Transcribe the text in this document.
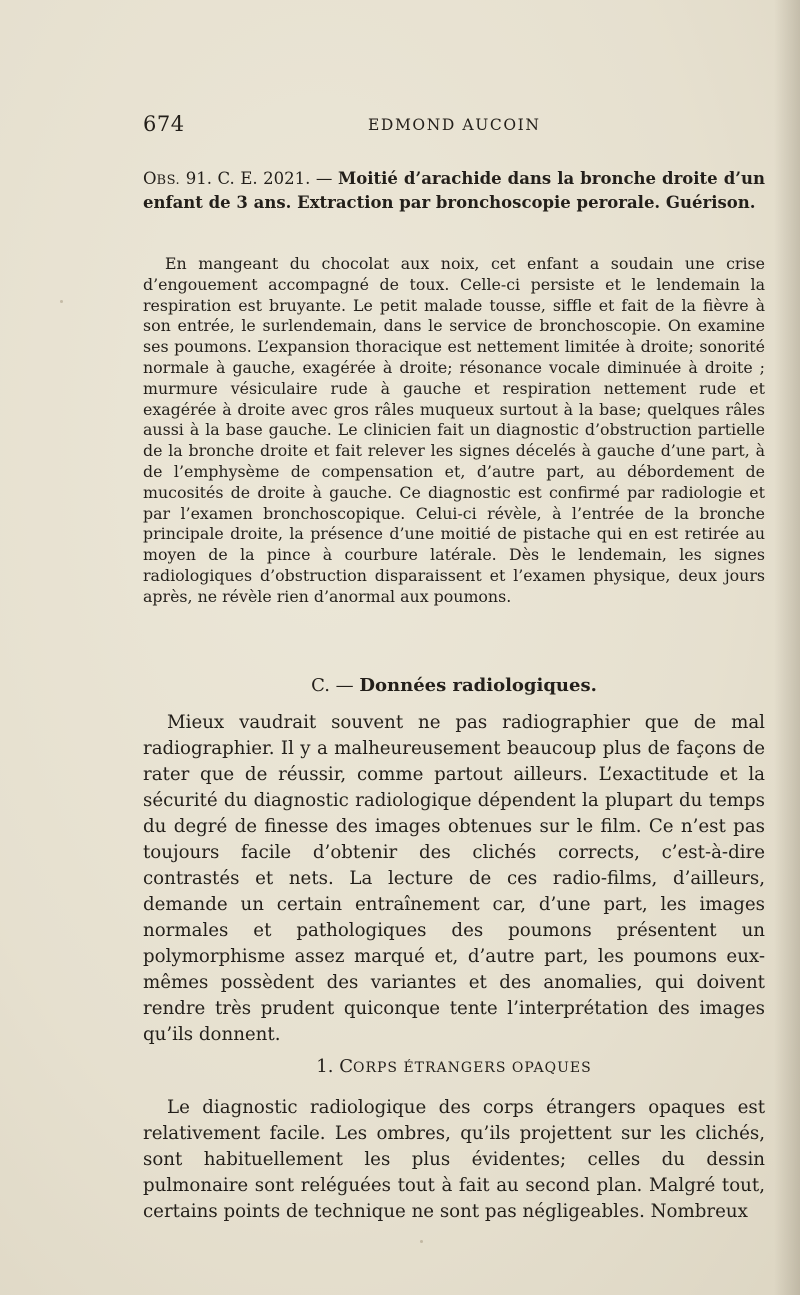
674	EDMOND AUCOIN
OBS. 91. C. E. 2021. — Moitié d’arachide dans la bronche droite d’un enfant de 3 ans. Extraction par bronchoscopie perorale. Guérison.

En mangeant du chocolat aux noix, cet enfant a soudain une crise d’engouement accompagné de toux. Celle-ci persiste et le lendemain la respiration est bruyante. Le petit malade tousse, siffle et fait de la fièvre à son entrée, le surlendemain, dans le service de bronchoscopie. On examine ses poumons. L’expansion thoracique est nettement limitée à droite; sonorité normale à gauche, exagérée à droite; résonance vocale diminuée à droite ; murmure vésiculaire rude à gauche et respiration nettement rude et exagérée à droite avec gros râles muqueux surtout à la base; quelques râles aussi à la base gauche. Le clinicien fait un diagnostic d’obstruction partielle de la bronche droite et fait relever les signes décelés à gauche d’une part, à de l’emphysème de compensation et, d’autre part, au débordement de mucosités de droite à gauche. Ce diagnostic est confirmé par radiologie et par l’examen bronchoscopique. Celui-ci révèle, à l’entrée de la bronche principale droite, la présence d’une moitié de pistache qui en est retirée au moyen de la pince à courbure latérale. Dès le lendemain, les signes radiologiques d’obstruction disparaissent et l’examen physique, deux jours après, ne révèle rien d’anormal aux poumons.

C. — Données radiologiques.

Mieux vaudrait souvent ne pas radiographier que de mal radiographier. Il y a malheureusement beaucoup plus de façons de rater que de réussir, comme partout ailleurs. L’exactitude et la sécurité du diagnostic radiologique dépendent la plupart du temps du degré de finesse des images obtenues sur le film. Ce n’est pas toujours facile d’obtenir des clichés corrects, c’est-à-dire contrastés et nets. La lecture de ces radio-films, d’ailleurs, demande un certain entraînement car, d’une part, les images normales et pathologiques des poumons présentent un polymorphisme assez marqué et, d’autre part, les poumons eux-mêmes possèdent des variantes et des anomalies, qui doivent rendre très prudent quiconque tente l’interprétation des images qu’ils donnent.

1. CORPS ÉTRANGERS OPAQUES

Le diagnostic radiologique des corps étrangers opaques est relativement facile. Les ombres, qu’ils projettent sur les clichés, sont habituellement les plus évidentes; celles du dessin pulmonaire sont reléguées tout à fait au second plan. Malgré tout, certains points de technique ne sont pas négligeables. Nombreux
